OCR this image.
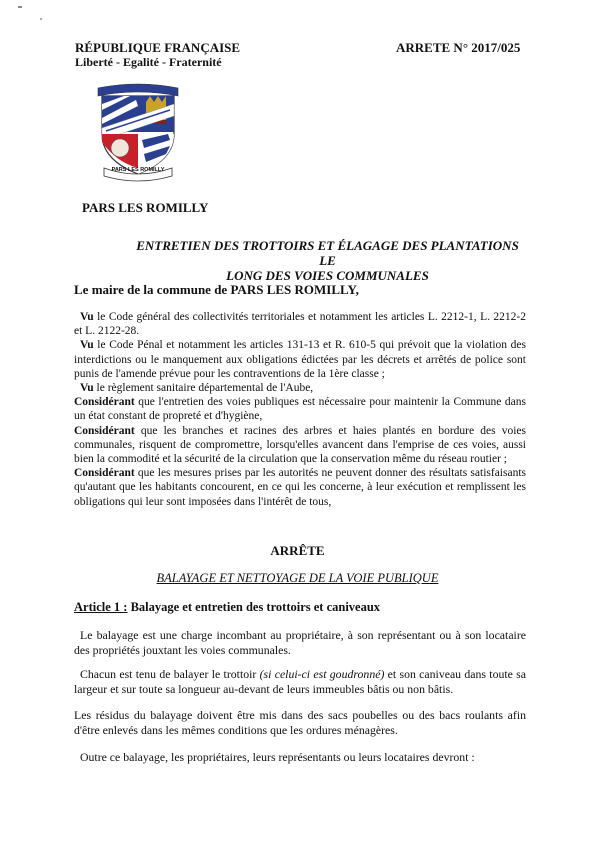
RÉPUBLIQUE FRANÇAISE
Liberté - Egalité - Fraternité
ARRETE N° 2017/025
PARS LES ROMILLY
PARS LES ROMILLY
ENTRETIEN DES TROTTOIRS ET ÉLAGAGE DES PLANTATIONS LE
LONG DES VOIES COMMUNALES
Le maire de la commune de PARS LES ROMILLY,

Vu le Code général des collectivités territoriales et notamment les articles L. 2212-1, L. 2212-2 et L. 2122-28.

Vu le Code Pénal et notamment les articles 131-13 et R. 610-5 qui prévoit que la violation des interdictions ou le manquement aux obligations édictées par les décrets et arrêtés de police sont punis de l'amende prévue pour les contraventions de la 1ère classe ;

Vu le règlement sanitaire départemental de l'Aube,

Considérant que l'entretien des voies publiques est nécessaire pour maintenir la Commune dans un état constant de propreté et d'hygiène,

Considérant que les branches et racines des arbres et haies plantés en bordure des voies communales, risquent de compromettre, lorsqu'elles avancent dans l'emprise de ces voies, aussi bien la commodité et la sécurité de la circulation que la conservation même du réseau routier ;

Considérant que les mesures prises par les autorités ne peuvent donner des résultats satisfaisants qu'autant que les habitants concourent, en ce qui les concerne, à leur exécution et remplissent les obligations qui leur sont imposées dans l'intérêt de tous,

ARRÊTE
BALAYAGE ET NETTOYAGE DE LA VOIE PUBLIQUE
Article 1 : Balayage et entretien des trottoirs et caniveaux
Le balayage est une charge incombant au propriétaire, à son représentant ou à son locataire des propriétés jouxtant les voies communales.
Chacun est tenu de balayer le trottoir (si celui-ci est goudronné) et son caniveau dans toute sa largeur et sur toute sa longueur au-devant de leurs immeubles bâtis ou non bâtis.
Les résidus du balayage doivent être mis dans des sacs poubelles ou des bacs roulants afin d'être enlevés dans les mêmes conditions que les ordures ménagères.
Outre ce balayage, les propriétaires, leurs représentants ou leurs locataires devront :
